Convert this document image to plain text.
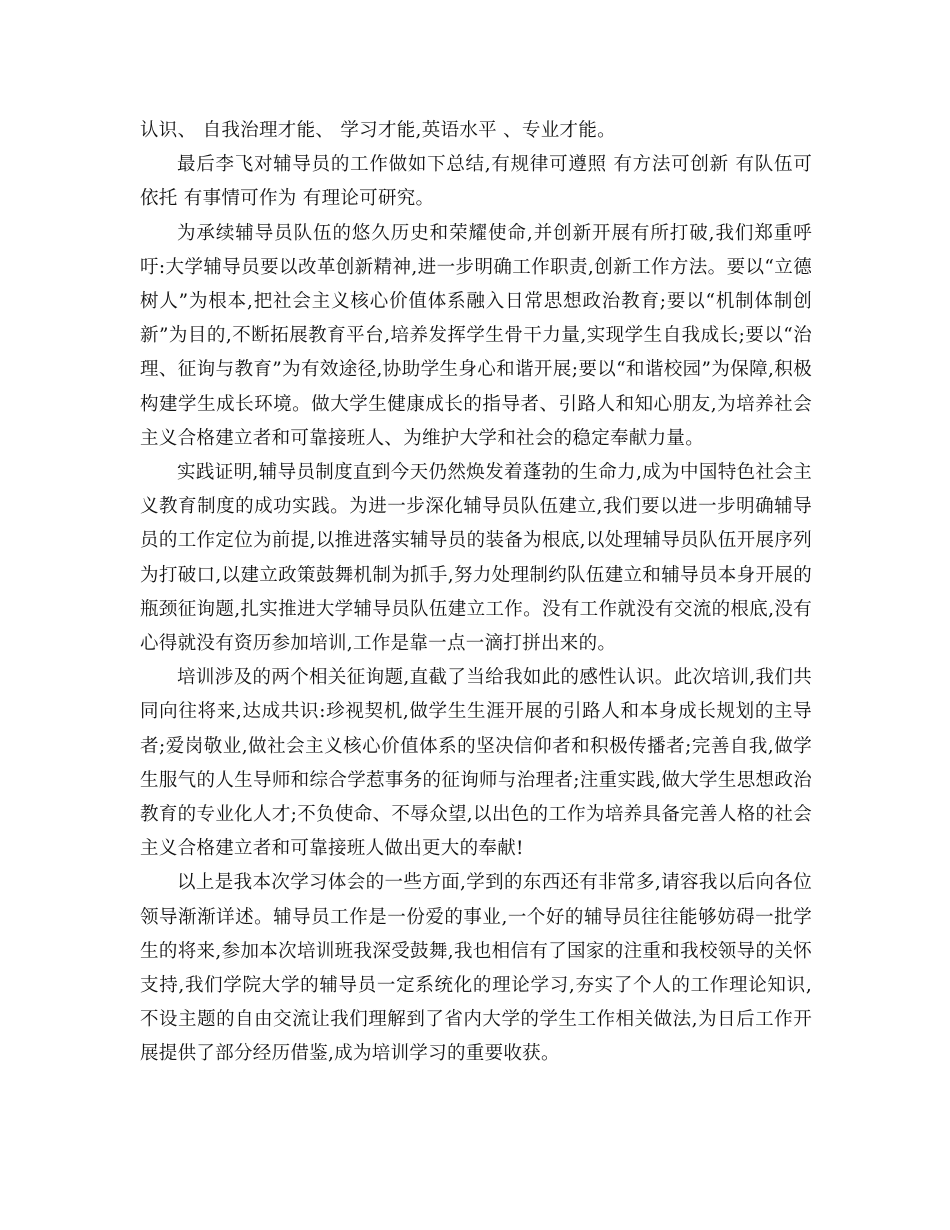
认识、 自我治理才能、 学习才能,英语水平 、专业才能。

最后李飞对辅导员的工作做如下总结,有规律可遵照 有方法可创新 有队伍可依托 有事情可作为 有理论可研究。

为承续辅导员队伍的悠久历史和荣耀使命,并创新开展有所打破,我们郑重呼吁:大学辅导员要以改革创新精神,进一步明确工作职责,创新工作方法。要以“立德树人”为根本,把社会主义核心价值体系融入日常思想政治教育;要以“机制体制创新”为目的,不断拓展教育平台,培养发挥学生骨干力量,实现学生自我成长;要以“治理、征询与教育”为有效途径,协助学生身心和谐开展;要以“和谐校园”为保障,积极构建学生成长环境。做大学生健康成长的指导者、引路人和知心朋友,为培养社会主义合格建立者和可靠接班人、为维护大学和社会的稳定奉献力量。

实践证明,辅导员制度直到今天仍然焕发着蓬勃的生命力,成为中国特色社会主义教育制度的成功实践。为进一步深化辅导员队伍建立,我们要以进一步明确辅导员的工作定位为前提,以推进落实辅导员的装备为根底,以处理辅导员队伍开展序列为打破口,以建立政策鼓舞机制为抓手,努力处理制约队伍建立和辅导员本身开展的瓶颈征询题,扎实推进大学辅导员队伍建立工作。没有工作就没有交流的根底,没有心得就没有资历参加培训,工作是靠一点一滴打拼出来的。

培训涉及的两个相关征询题,直截了当给我如此的感性认识。此次培训,我们共同向往将来,达成共识:珍视契机,做学生生涯开展的引路人和本身成长规划的主导者;爱岗敬业,做社会主义核心价值体系的坚决信仰者和积极传播者;完善自我,做学生服气的人生导师和综合学惹事务的征询师与治理者;注重实践,做大学生思想政治教育的专业化人才;不负使命、不辱众望,以出色的工作为培养具备完善人格的社会主义合格建立者和可靠接班人做出更大的奉献!

以上是我本次学习体会的一些方面,学到的东西还有非常多,请容我以后向各位领导渐渐详述。辅导员工作是一份爱的事业,一个好的辅导员往往能够妨碍一批学生的将来,参加本次培训班我深受鼓舞,我也相信有了国家的注重和我校领导的关怀支持,我们学院大学的辅导员一定系统化的理论学习,夯实了个人的工作理论知识,不设主题的自由交流让我们理解到了省内大学的学生工作相关做法,为日后工作开展提供了部分经历借鉴,成为培训学习的重要收获。
